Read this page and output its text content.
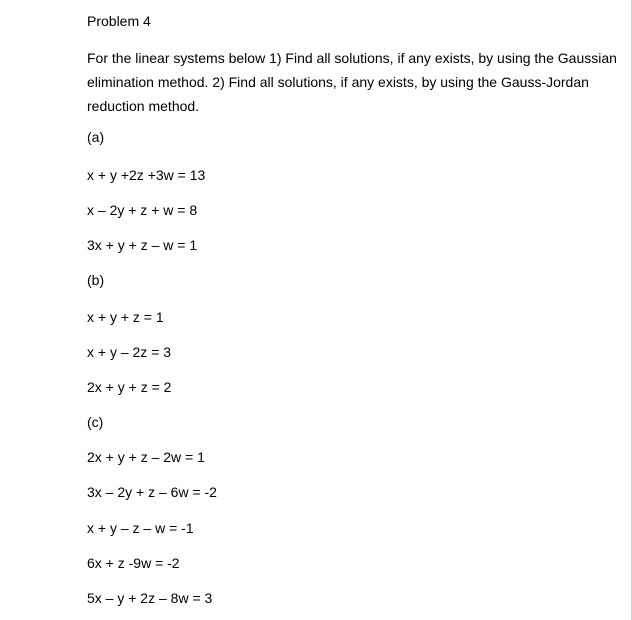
Problem 4

For the linear systems below 1) Find all solutions, if any exists, by using the Gaussian elimination method. 2) Find all solutions, if any exists, by using the Gauss-Jordan reduction method.

(a)
x + y +2z +3w = 13
x – 2y + z + w = 8
3x + y + z – w = 1
(b)
x + y + z = 1
x + y – 2z = 3
2x + y + z = 2
(c)
2x + y + z – 2w = 1
3x – 2y + z – 6w = -2
x + y – z – w = -1
6x + z -9w = -2
5x – y + 2z – 8w = 3
